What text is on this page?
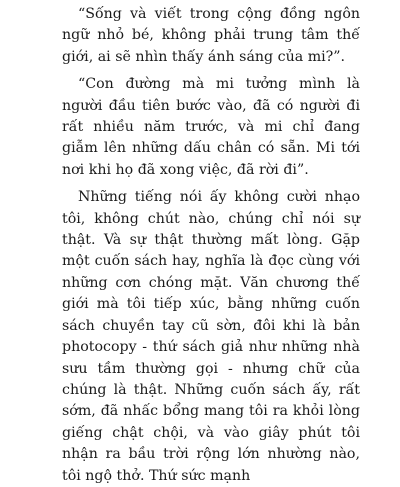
“Sống và viết trong cộng đồng ngôn ngữ nhỏ bé, không phải trung tâm thế giới, ai sẽ nhìn thấy ánh sáng của mi?”.

“Con đường mà mi tưởng mình là người đầu tiên bước vào, đã có người đi rất nhiều năm trước, và mi chỉ đang giẫm lên những dấu chân có sẵn. Mi tới nơi khi họ đã xong việc, đã rời đi”.

Những tiếng nói ấy không cười nhạo tôi, không chút nào, chúng chỉ nói sự thật. Và sự thật thường mất lòng. Gặp một cuốn sách hay, nghĩa là đọc cùng với những cơn chóng mặt. Văn chương thế giới mà tôi tiếp xúc, bằng những cuốn sách chuyền tay cũ sờn, đôi khi là bản photocopy - thứ sách giả như những nhà sưu tầm thường gọi - nhưng chữ của chúng là thật. Những cuốn sách ấy, rất sớm, đã nhấc bổng mang tôi ra khỏi lòng giếng chật chội, và vào giây phút tôi nhận ra bầu trời rộng lớn nhường nào, tôi ngộ thở. Thứ sức mạnh
